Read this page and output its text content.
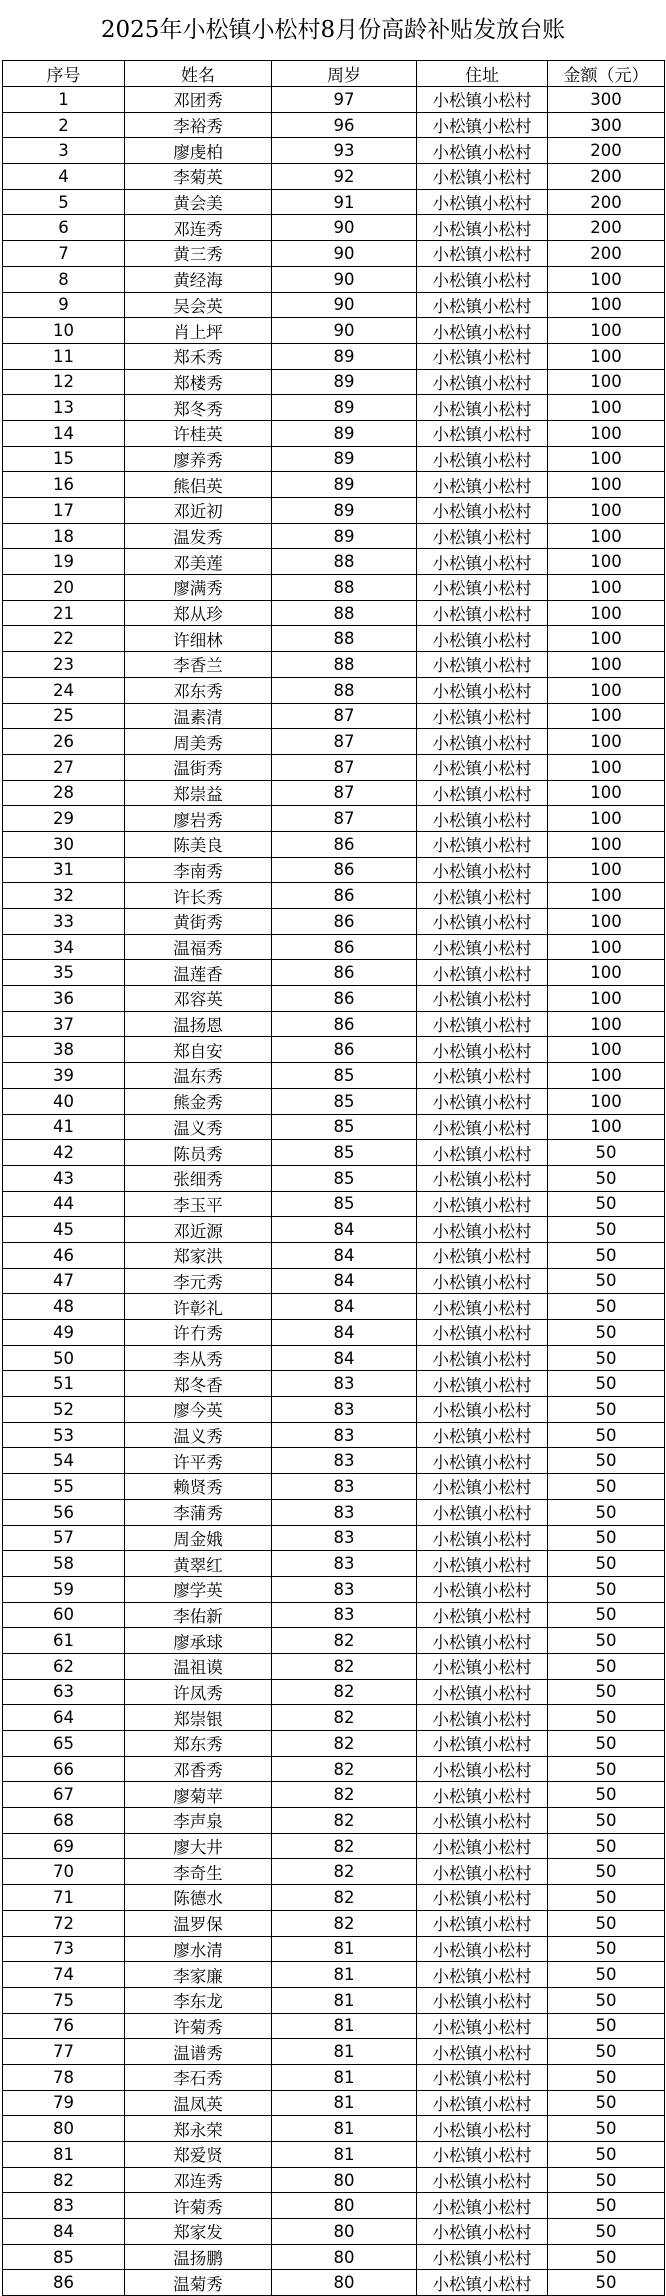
2025年小松镇小松村8月份高龄补贴发放台账
序号	姓名	周岁	住址	金额（元）
1	邓团秀	97	小松镇小松村	300
2	李裕秀	96	小松镇小松村	300
3	廖虔柏	93	小松镇小松村	200
4	李菊英	92	小松镇小松村	200
5	黄会美	91	小松镇小松村	200
6	邓连秀	90	小松镇小松村	200
7	黄三秀	90	小松镇小松村	200
8	黄经海	90	小松镇小松村	100
9	吴会英	90	小松镇小松村	100
10	肖上坪	90	小松镇小松村	100
11	郑禾秀	89	小松镇小松村	100
12	郑楼秀	89	小松镇小松村	100
13	郑冬秀	89	小松镇小松村	100
14	许桂英	89	小松镇小松村	100
15	廖养秀	89	小松镇小松村	100
16	熊侣英	89	小松镇小松村	100
17	邓近初	89	小松镇小松村	100
18	温发秀	89	小松镇小松村	100
19	邓美莲	88	小松镇小松村	100
20	廖满秀	88	小松镇小松村	100
21	郑从珍	88	小松镇小松村	100
22	许细林	88	小松镇小松村	100
23	李香兰	88	小松镇小松村	100
24	邓东秀	88	小松镇小松村	100
25	温素清	87	小松镇小松村	100
26	周美秀	87	小松镇小松村	100
27	温街秀	87	小松镇小松村	100
28	郑崇益	87	小松镇小松村	100
29	廖岩秀	87	小松镇小松村	100
30	陈美良	86	小松镇小松村	100
31	李南秀	86	小松镇小松村	100
32	许长秀	86	小松镇小松村	100
33	黄街秀	86	小松镇小松村	100
34	温福秀	86	小松镇小松村	100
35	温莲香	86	小松镇小松村	100
36	邓容英	86	小松镇小松村	100
37	温扬恩	86	小松镇小松村	100
38	郑自安	86	小松镇小松村	100
39	温东秀	85	小松镇小松村	100
40	熊金秀	85	小松镇小松村	100
41	温义秀	85	小松镇小松村	100
42	陈员秀	85	小松镇小松村	50
43	张细秀	85	小松镇小松村	50
44	李玉平	85	小松镇小松村	50
45	邓近源	84	小松镇小松村	50
46	郑家洪	84	小松镇小松村	50
47	李元秀	84	小松镇小松村	50
48	许彰礼	84	小松镇小松村	50
49	许冇秀	84	小松镇小松村	50
50	李从秀	84	小松镇小松村	50
51	郑冬香	83	小松镇小松村	50
52	廖今英	83	小松镇小松村	50
53	温义秀	83	小松镇小松村	50
54	许平秀	83	小松镇小松村	50
55	赖贤秀	83	小松镇小松村	50
56	李蒲秀	83	小松镇小松村	50
57	周金娥	83	小松镇小松村	50
58	黄翠红	83	小松镇小松村	50
59	廖学英	83	小松镇小松村	50
60	李佑新	83	小松镇小松村	50
61	廖承球	82	小松镇小松村	50
62	温祖谟	82	小松镇小松村	50
63	许凤秀	82	小松镇小松村	50
64	郑崇银	82	小松镇小松村	50
65	郑东秀	82	小松镇小松村	50
66	邓香秀	82	小松镇小松村	50
67	廖菊苹	82	小松镇小松村	50
68	李声泉	82	小松镇小松村	50
69	廖大井	82	小松镇小松村	50
70	李奇生	82	小松镇小松村	50
71	陈德水	82	小松镇小松村	50
72	温罗保	82	小松镇小松村	50
73	廖水清	81	小松镇小松村	50
74	李家廉	81	小松镇小松村	50
75	李东龙	81	小松镇小松村	50
76	许菊秀	81	小松镇小松村	50
77	温谱秀	81	小松镇小松村	50
78	李石秀	81	小松镇小松村	50
79	温凤英	81	小松镇小松村	50
80	郑永荣	81	小松镇小松村	50
81	郑爱贤	81	小松镇小松村	50
82	邓连秀	80	小松镇小松村	50
83	许菊秀	80	小松镇小松村	50
84	郑家发	80	小松镇小松村	50
85	温扬鹏	80	小松镇小松村	50
86	温菊秀	80	小松镇小松村	50
